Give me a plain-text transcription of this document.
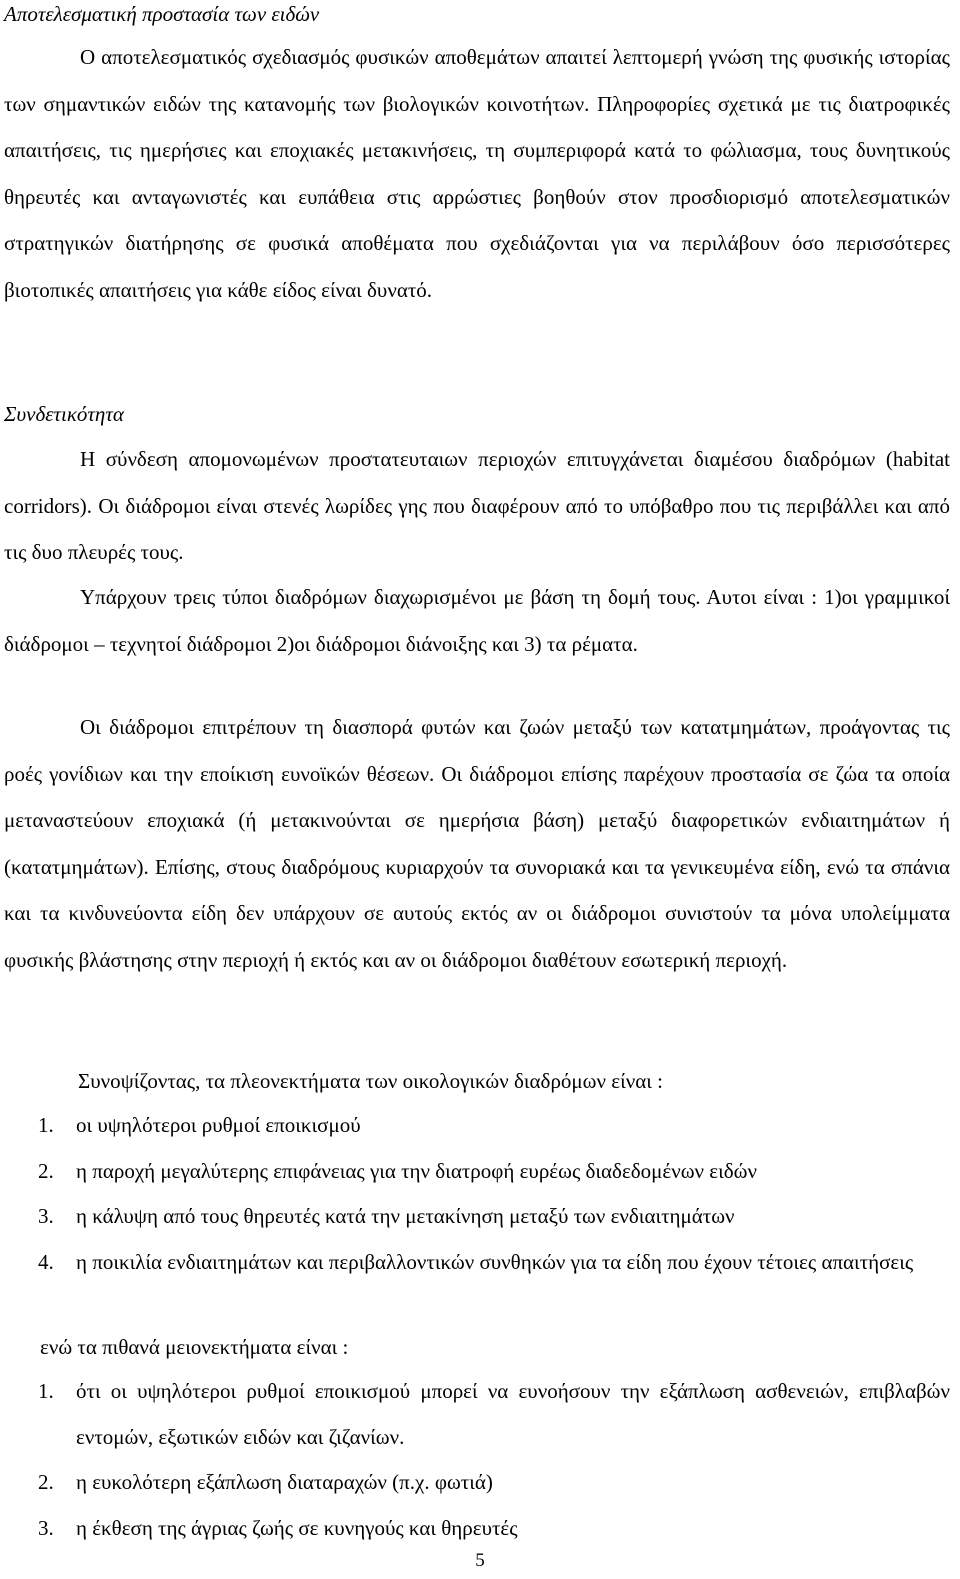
Αποτελεσματική προστασία των ειδών

Ο αποτελεσματικός σχεδιασμός φυσικών αποθεμάτων απαιτεί λεπτομερή γνώση της φυσικής ιστορίας των σημαντικών ειδών της κατανομής των βιολογικών κοινοτήτων. Πληροφορίες σχετικά με τις διατροφικές απαιτήσεις, τις ημερήσιες και εποχιακές μετακινήσεις, τη συμπεριφορά κατά το φώλιασμα, τους δυνητικούς θηρευτές και ανταγωνιστές και ευπάθεια στις αρρώστιες βοηθούν στον προσδιορισμό αποτελεσματικών στρατηγικών διατήρησης σε φυσικά αποθέματα που σχεδιάζονται για να περιλάβουν όσο περισσότερες βιοτοπικές απαιτήσεις για κάθε είδος είναι δυνατό.

Συνδετικότητα

Η σύνδεση απομονωμένων προστατευταιων περιοχών επιτυγχάνεται διαμέσου διαδρόμων (habitat corridors). Οι διάδρομοι είναι στενές λωρίδες γης που διαφέρουν από το υπόβαθρο που τις περιβάλλει και από τις δυο πλευρές τους.

Υπάρχουν τρεις τύποι διαδρόμων διαχωρισμένοι με βάση τη δομή τους. Αυτοι είναι : 1)οι γραμμικοί διάδρομοι – τεχνητοί διάδρομοι 2)οι διάδρομοι διάνοιξης και 3) τα ρέματα.

Οι διάδρομοι επιτρέπουν τη διασπορά φυτών και ζωών μεταξύ των κατατμημάτων, προάγοντας τις ροές γονίδιων και την εποίκιση ευνοϊκών θέσεων. Οι διάδρομοι επίσης παρέχουν προστασία σε ζώα τα οποία μεταναστεύουν εποχιακά (ή μετακινούνται σε ημερήσια βάση) μεταξύ διαφορετικών ενδιαιτημάτων ή (κατατμημάτων). Επίσης, στους διαδρόμους κυριαρχούν τα συνοριακά και τα γενικευμένα είδη, ενώ τα σπάνια και τα κινδυνεύοντα είδη δεν υπάρχουν σε αυτούς εκτός αν οι διάδρομοι συνιστούν τα μόνα υπολείμματα φυσικής βλάστησης στην περιοχή ή εκτός και αν οι διάδρομοι διαθέτουν εσωτερική περιοχή.

Συνοψίζοντας, τα πλεονεκτήματα των οικολογικών διαδρόμων είναι :

1. οι υψηλότεροι ρυθμοί εποικισμού
2. η παροχή μεγαλύτερης επιφάνειας για την διατροφή ευρέως διαδεδομένων ειδών
3. η κάλυψη από τους θηρευτές κατά την μετακίνηση μεταξύ των ενδιαιτημάτων
4. η ποικιλία ενδιαιτημάτων και περιβαλλοντικών συνθηκών για τα είδη που έχουν τέτοιες απαιτήσεις

ενώ τα πιθανά μειονεκτήματα είναι :

1. ότι οι υψηλότεροι ρυθμοί εποικισμού μπορεί να ευνοήσουν την εξάπλωση ασθενειών, επιβλαβών εντομών, εξωτικών ειδών και ζιζανίων.
2. η ευκολότερη εξάπλωση διαταραχών (π.χ. φωτιά)
3. η έκθεση της άγριας ζωής σε κυνηγούς και θηρευτές
5
